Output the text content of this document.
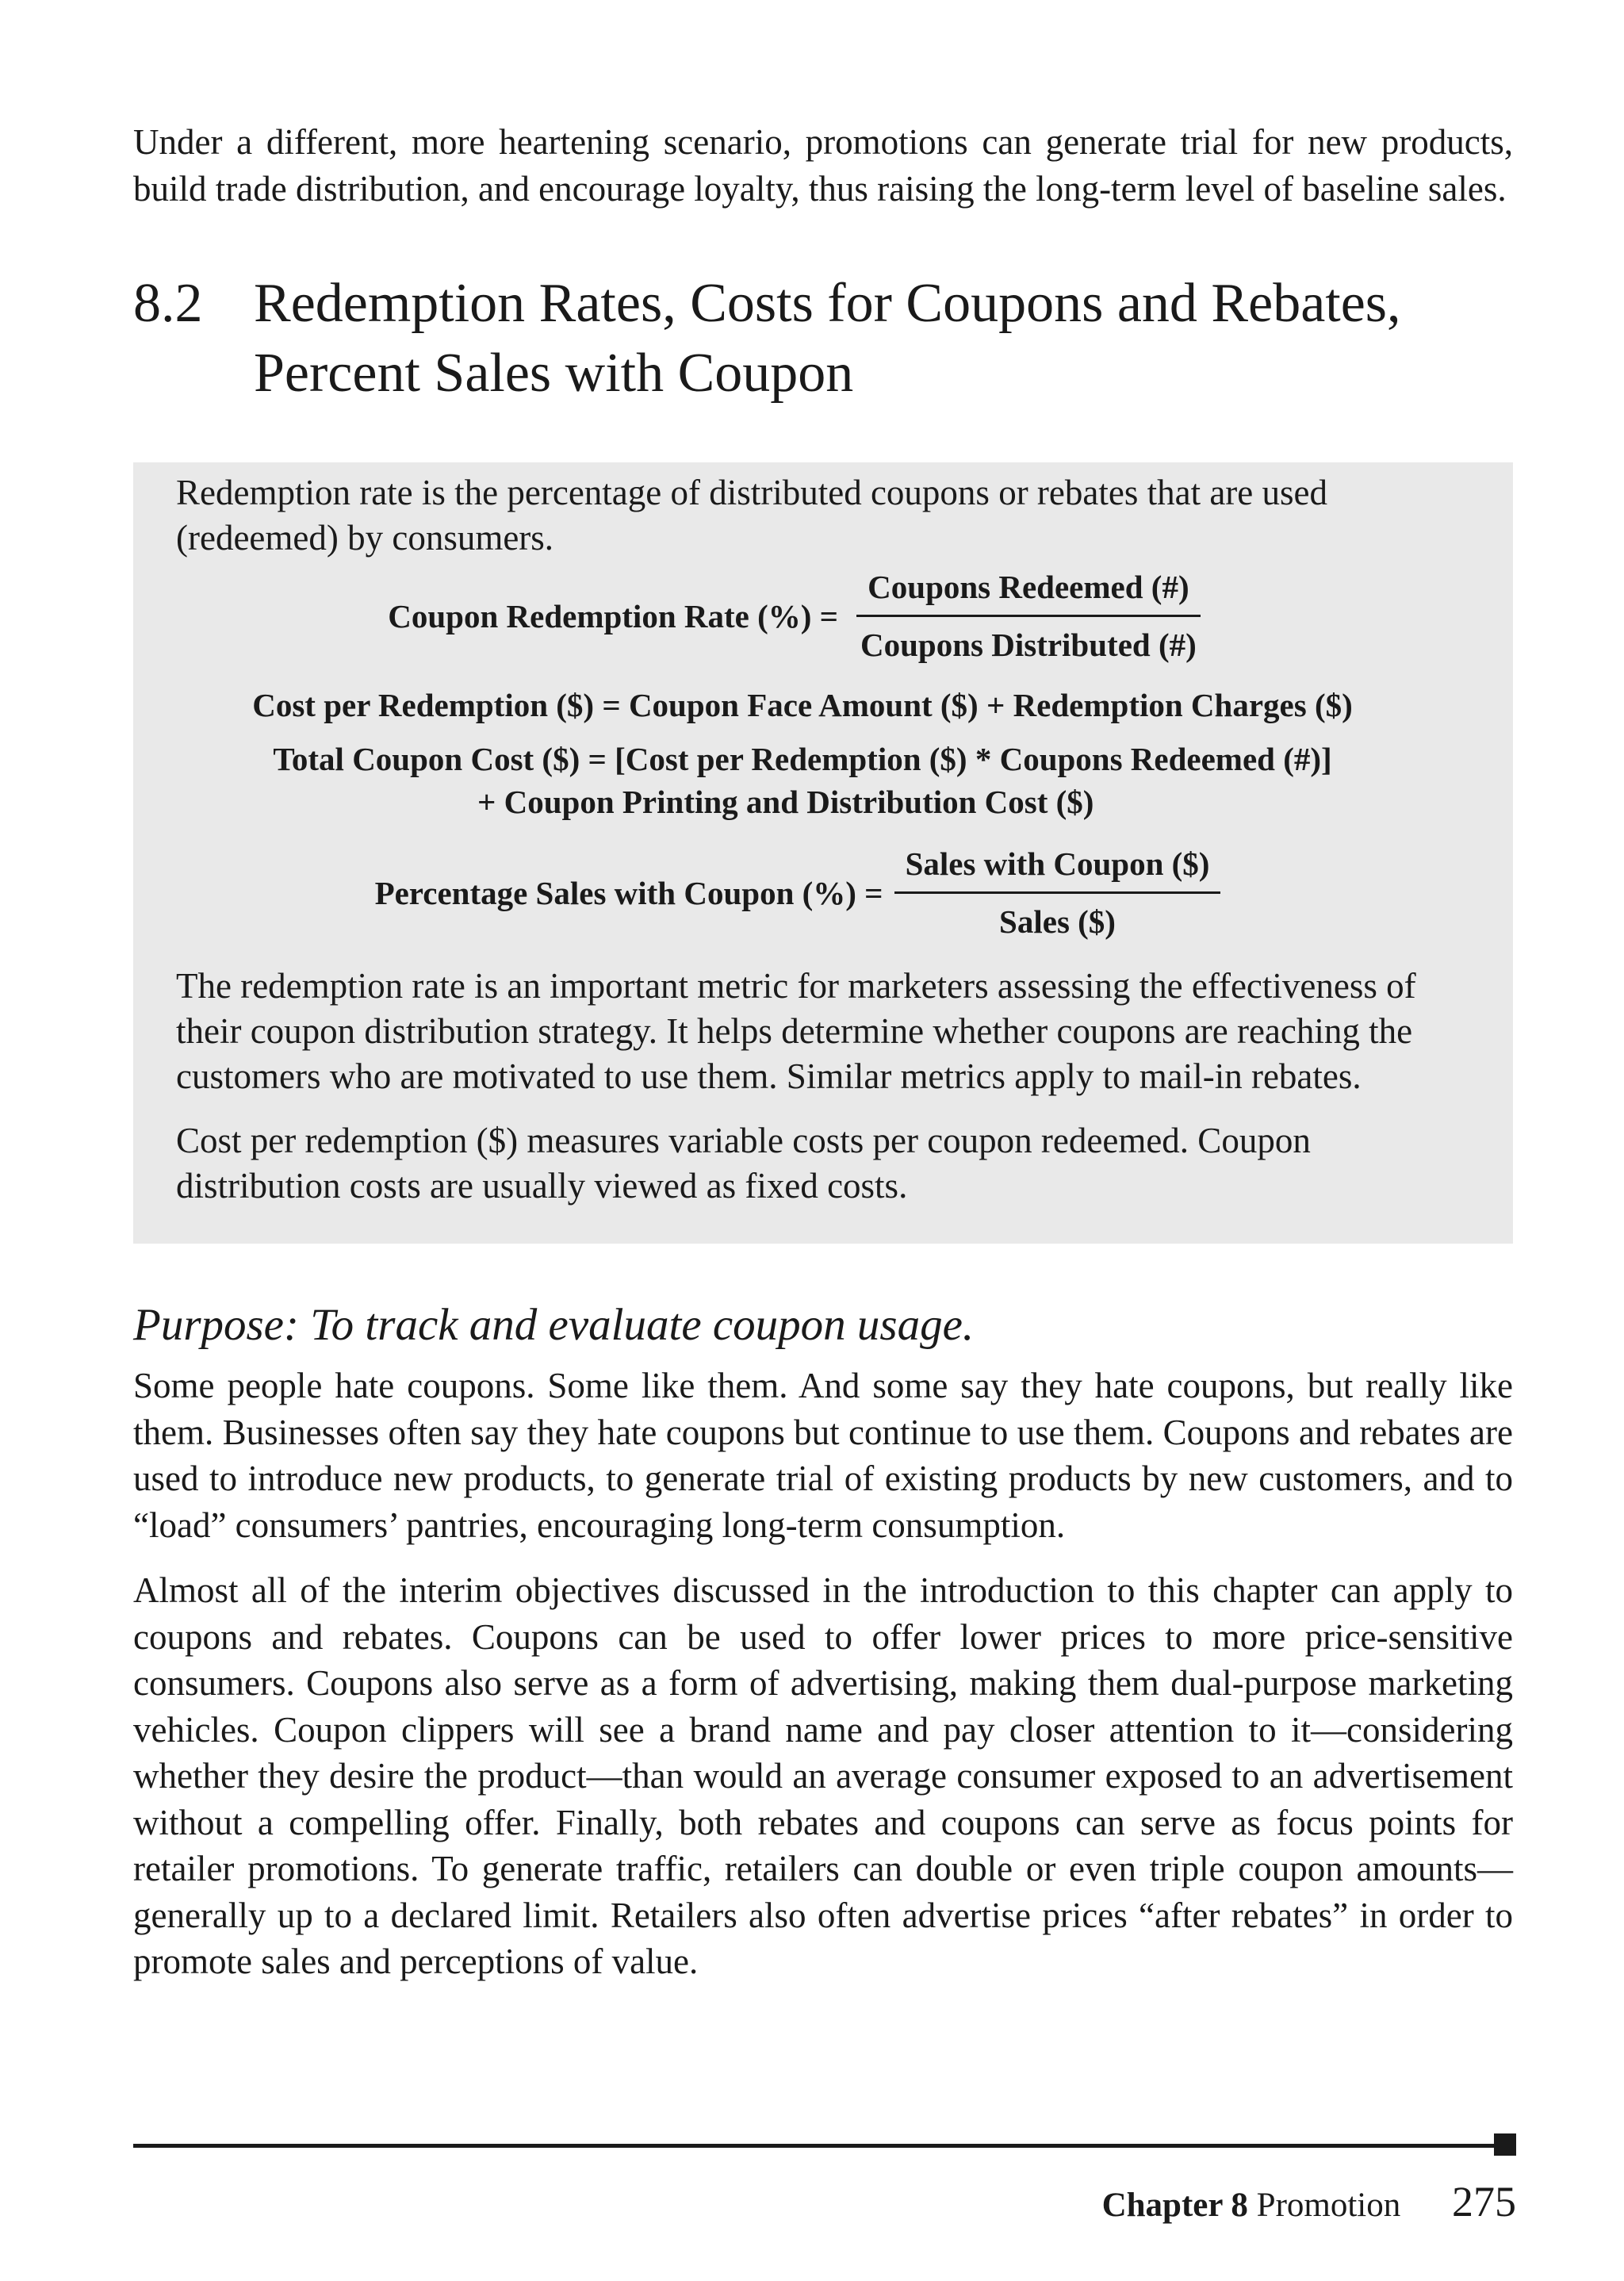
Under a different, more heartening scenario, promotions can generate trial for new products, build trade distribution, and encourage loyalty, thus raising the long-term level of baseline sales.

8.2 Redemption Rates, Costs for Coupons and Rebates,
Percent Sales with Coupon

Redemption rate is the percentage of distributed coupons or rebates that are used (redeemed) by consumers.

Coupon Redemption Rate (%) = $\frac{\text{Coupons Redeemed (\#)}}{\text{Coupons Distributed (\#)}}$
Cost per Redemption ($) = Coupon Face Amount ($) + Redemption Charges ($)
Total Coupon Cost ($) = [Cost per Redemption ($) * Coupons Redeemed (#)]
+ Coupon Printing and Distribution Cost ($)
Percentage Sales with Coupon (%) = $\frac{\text{Sales with Coupon (\$)}}{\text{Sales (\$)}}$

The redemption rate is an important metric for marketers assessing the effectiveness of their coupon distribution strategy. It helps determine whether coupons are reaching the customers who are motivated to use them. Similar metrics apply to mail-in rebates.

Cost per redemption ($) measures variable costs per coupon redeemed. Coupon distribution costs are usually viewed as fixed costs.

Purpose: To track and evaluate coupon usage.

Some people hate coupons. Some like them. And some say they hate coupons, but really like them. Businesses often say they hate coupons but continue to use them. Coupons and rebates are used to introduce new products, to generate trial of existing products by new customers, and to “load” consumers’ pantries, encouraging long-term consumption.

Almost all of the interim objectives discussed in the introduction to this chapter can apply to coupons and rebates. Coupons can be used to offer lower prices to more price-sensitive consumers. Coupons also serve as a form of advertising, making them dual-purpose marketing vehicles. Coupon clippers will see a brand name and pay closer attention to it—considering whether they desire the product—than would an average consumer exposed to an advertisement without a compelling offer. Finally, both rebates and coupons can serve as focus points for retailer promotions. To generate traffic, retailers can double or even triple coupon amounts—generally up to a declared limit. Retailers also often advertise prices “after rebates” in order to promote sales and perceptions of value.

Chapter 8 Promotion 275
